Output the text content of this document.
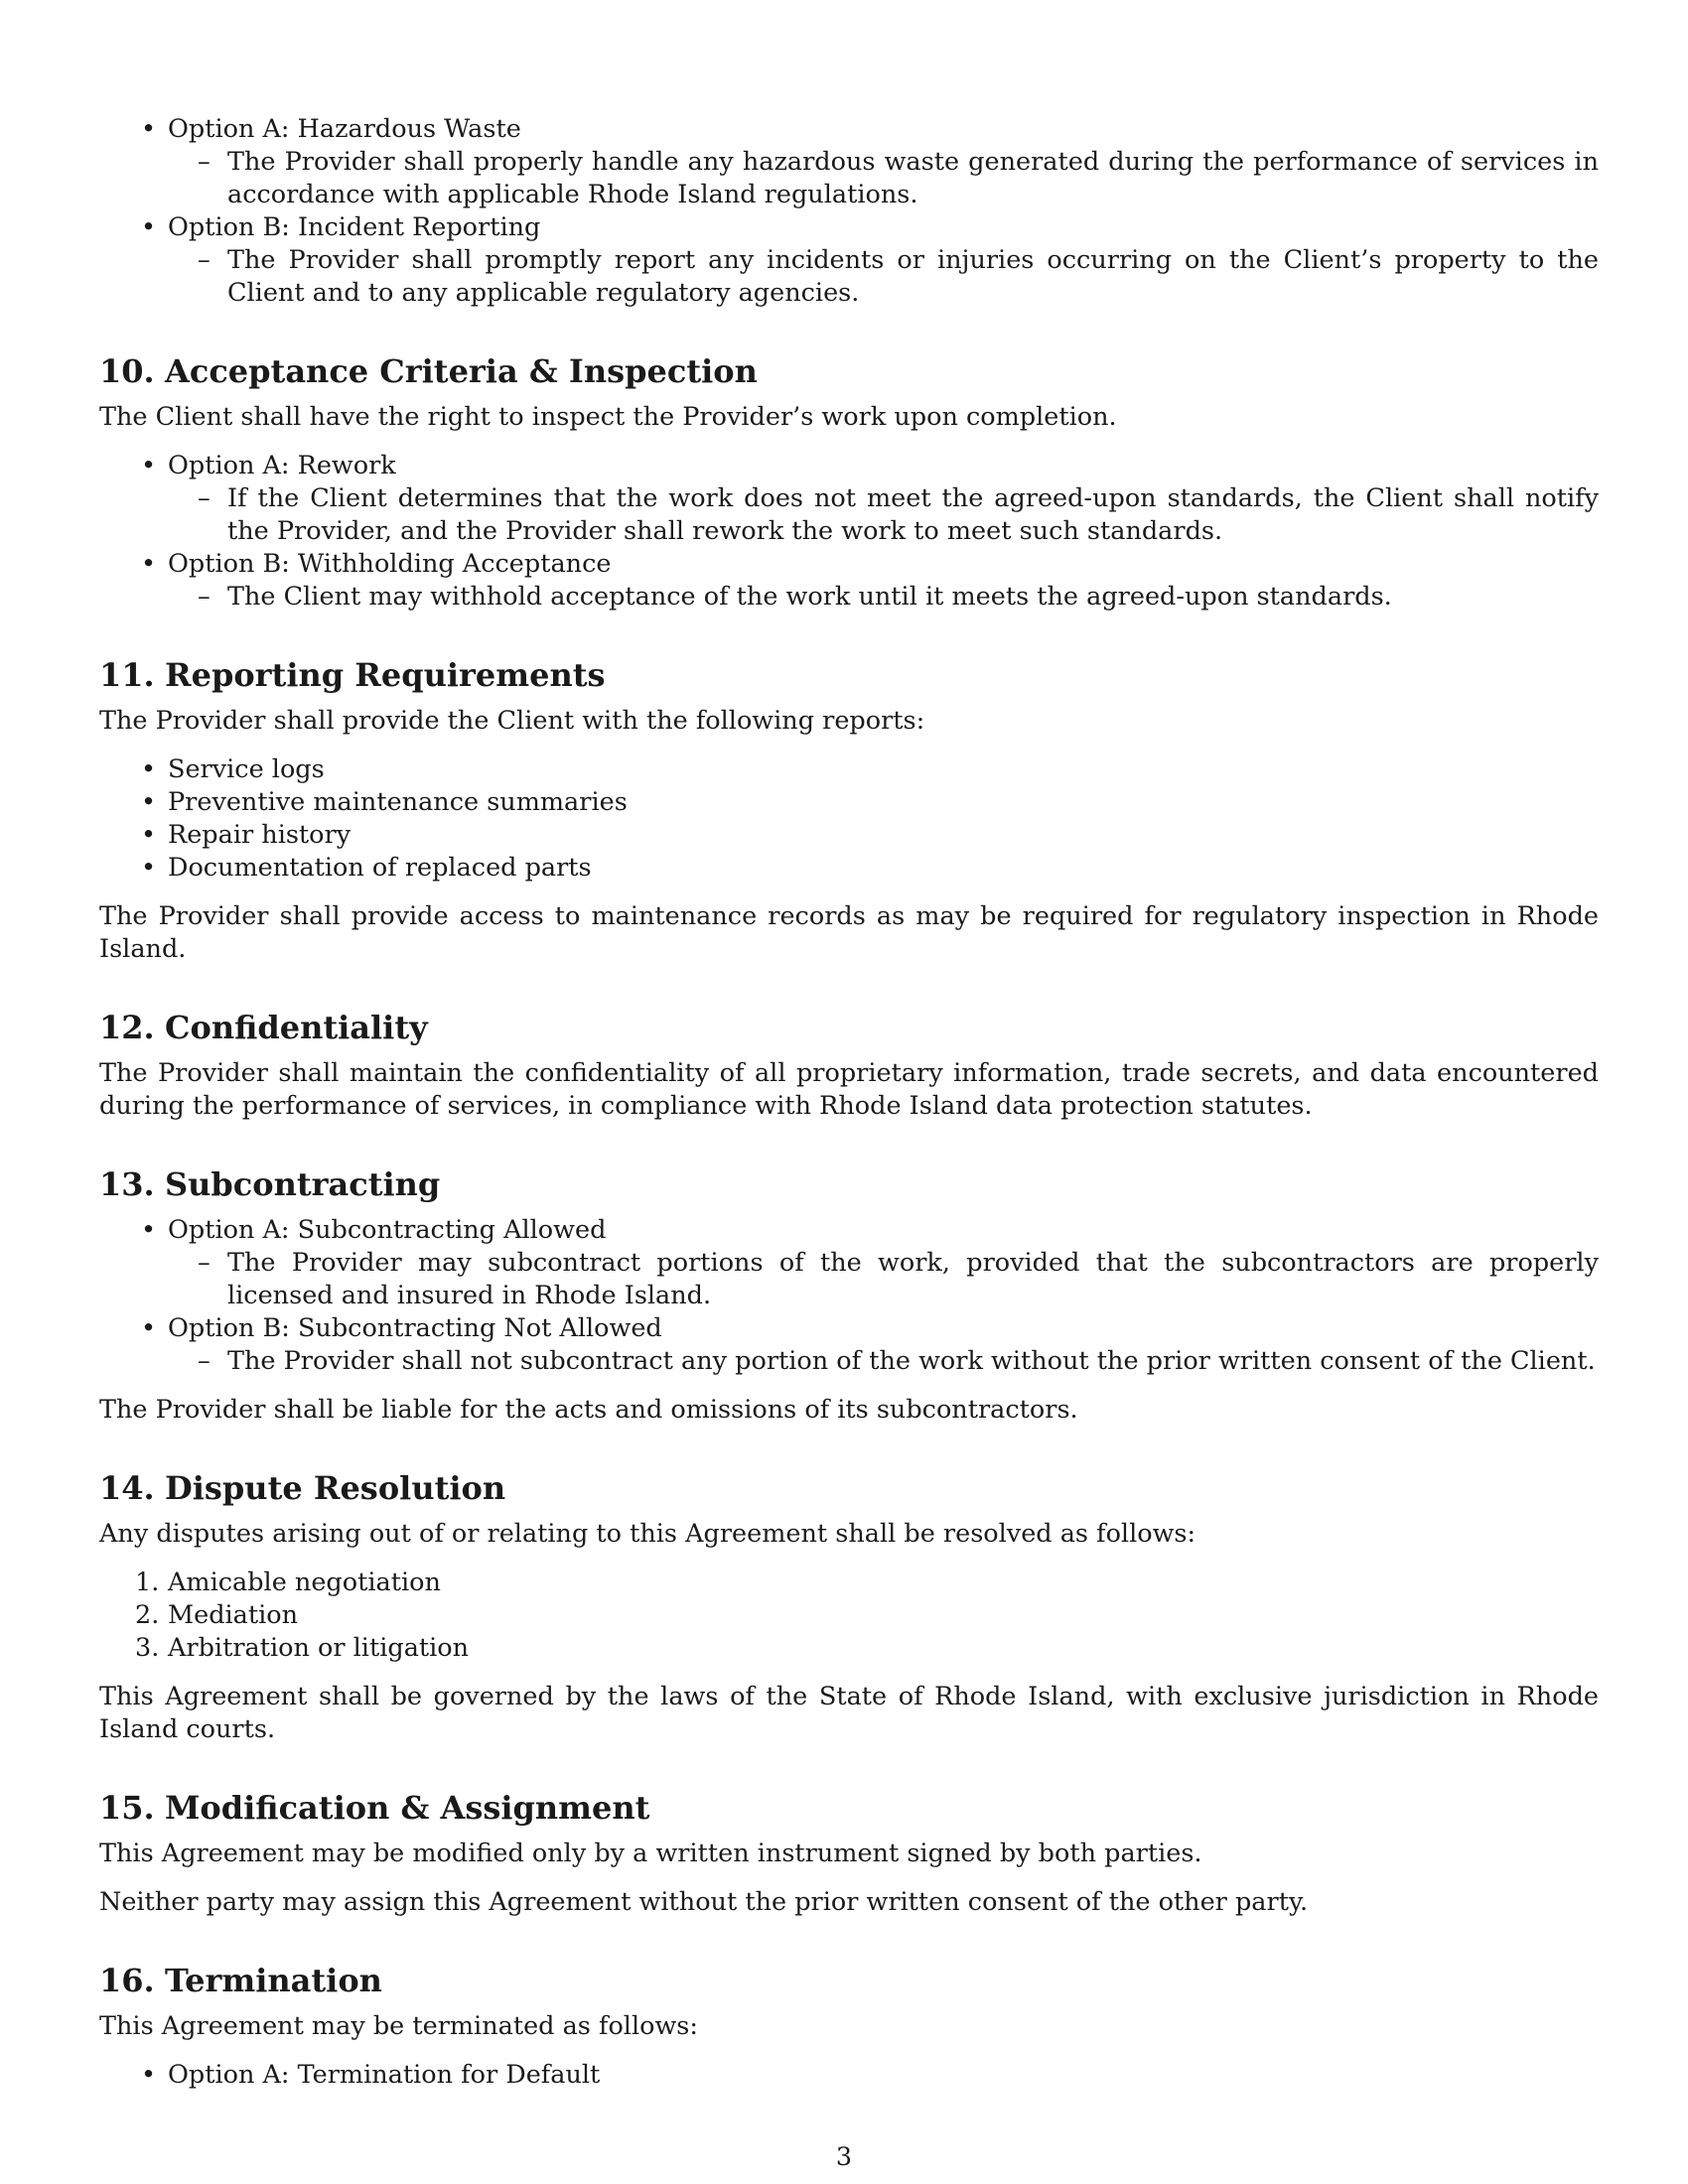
• Option A: Hazardous Waste
– The Provider shall properly handle any hazardous waste generated during the performance of services in accordance with applicable Rhode Island regulations.
• Option B: Incident Reporting
– The Provider shall promptly report any incidents or injuries occurring on the Client’s property to the Client and to any applicable regulatory agencies.
10. Acceptance Criteria & Inspection

The Client shall have the right to inspect the Provider’s work upon completion.

• Option A: Rework
– If the Client determines that the work does not meet the agreed-upon standards, the Client shall notify the Provider, and the Provider shall rework the work to meet such standards.
• Option B: Withholding Acceptance
– The Client may withhold acceptance of the work until it meets the agreed-upon standards.
11. Reporting Requirements

The Provider shall provide the Client with the following reports:

• Service logs
• Preventive maintenance summaries
• Repair history
• Documentation of replaced parts

The Provider shall provide access to maintenance records as may be required for regulatory inspection in Rhode Island.

12. Confidentiality

The Provider shall maintain the confidentiality of all proprietary information, trade secrets, and data encountered during the performance of services, in compliance with Rhode Island data protection statutes.

13. Subcontracting
• Option A: Subcontracting Allowed
– The Provider may subcontract portions of the work, provided that the subcontractors are properly licensed and insured in Rhode Island.
• Option B: Subcontracting Not Allowed
– The Provider shall not subcontract any portion of the work without the prior written consent of the Client.

The Provider shall be liable for the acts and omissions of its subcontractors.

14. Dispute Resolution

Any disputes arising out of or relating to this Agreement shall be resolved as follows:

1. Amicable negotiation
2. Mediation
3. Arbitration or litigation

This Agreement shall be governed by the laws of the State of Rhode Island, with exclusive jurisdiction in Rhode Island courts.

15. Modification & Assignment

This Agreement may be modified only by a written instrument signed by both parties.

Neither party may assign this Agreement without the prior written consent of the other party.

16. Termination

This Agreement may be terminated as follows:

• Option A: Termination for Default
3
